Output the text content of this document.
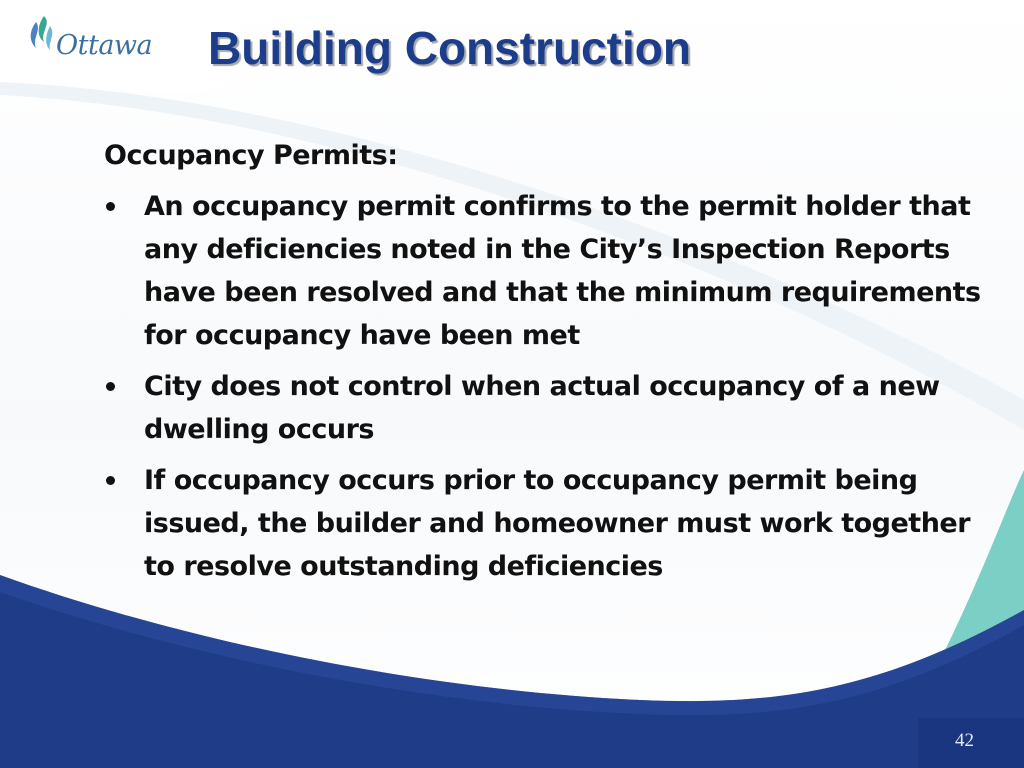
Ottawa Building Construction

Occupancy Permits:

An occupancy permit confirms to the permit holder that any deficiencies noted in the City’s Inspection Reports have been resolved and that the minimum requirements for occupancy have been met
City does not control when actual occupancy of a new dwelling occurs
If occupancy occurs prior to occupancy permit being issued, the builder and homeowner must work together to resolve outstanding deficiencies
42
